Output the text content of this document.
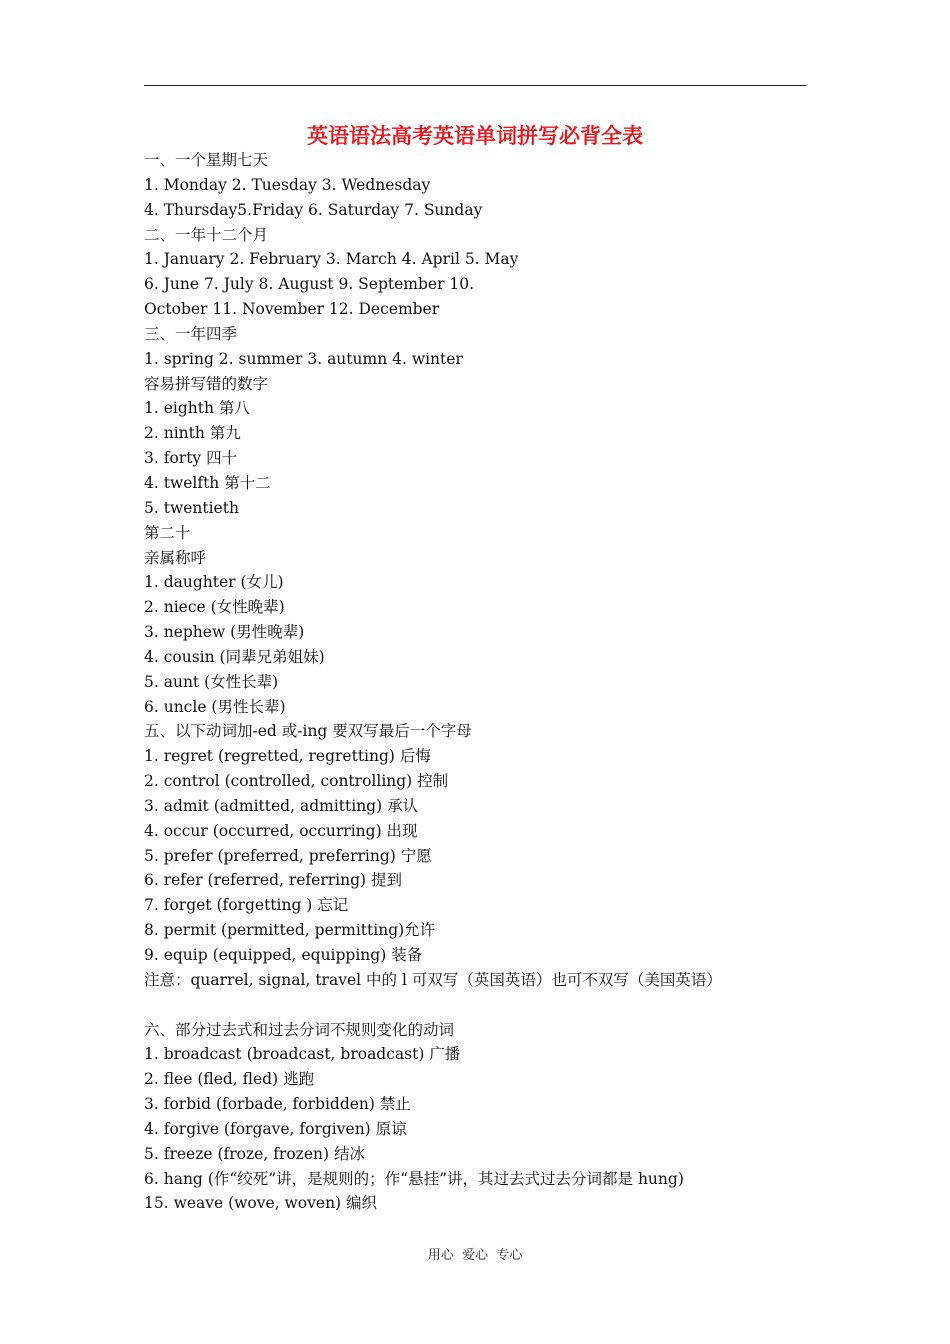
英语语法高考英语单词拼写必背全表
一、一个星期七天
1. Monday 2. Tuesday 3. Wednesday
4. Thursday5.Friday 6. Saturday 7. Sunday
二、一年十二个月
1. January 2. February 3. March 4. April 5. May
6. June 7. July 8. August 9. September 10.
October 11. November 12. December
三、一年四季
1. spring 2. summer 3. autumn 4. winter
容易拼写错的数字
1. eighth 第八
2. ninth 第九
3. forty 四十
4. twelfth 第十二
5. twentieth
第二十
亲属称呼
1. daughter (女儿)
2. niece (女性晚辈)
3. nephew (男性晚辈)
4. cousin (同辈兄弟姐妹)
5. aunt (女性长辈)
6. uncle (男性长辈)
五、以下动词加-ed 或-ing 要双写最后一个字母
1. regret (regretted, regretting) 后悔
2. control (controlled, controlling) 控制
3. admit (admitted, admitting) 承认
4. occur (occurred, occurring) 出现
5. prefer (preferred, preferring) 宁愿
6. refer (referred, referring) 提到
7. forget (forgetting ) 忘记
8. permit (permitted, permitting)允许
9. equip (equipped, equipping) 装备
注意：quarrel, signal, travel 中的 l 可双写（英国英语）也可不双写（美国英语）
六、部分过去式和过去分词不规则变化的动词
1. broadcast (broadcast, broadcast) 广播
2. flee (fled, fled) 逃跑
3. forbid (forbade, forbidden) 禁止
4. forgive (forgave, forgiven) 原谅
5. freeze (froze, frozen) 结冰
6. hang (作“绞死”讲，是规则的；作“悬挂”讲，其过去式过去分词都是 hung)
15. weave (wove, woven) 编织
用心  爱心  专心
